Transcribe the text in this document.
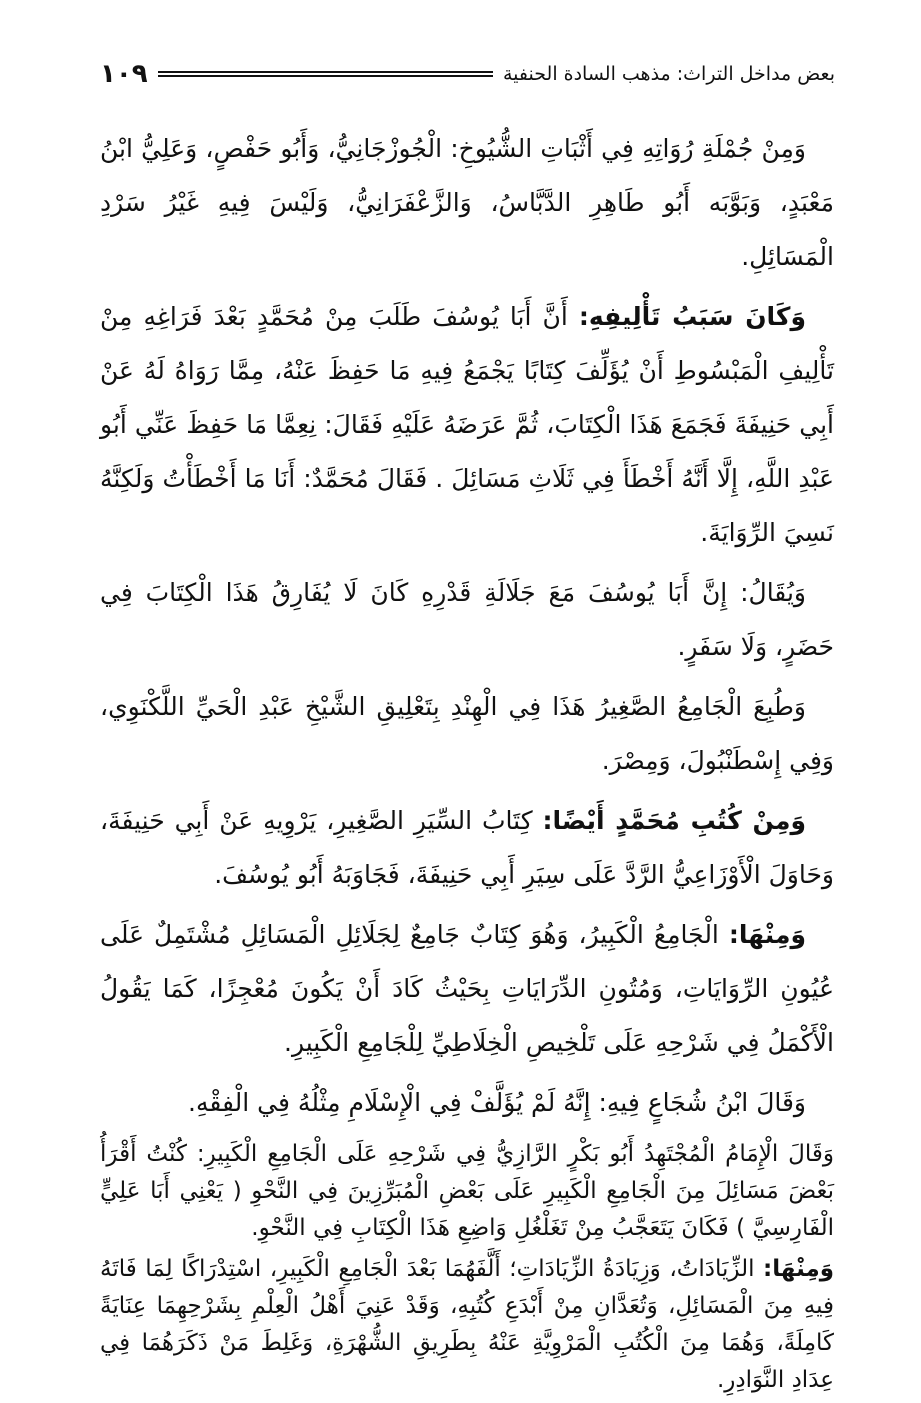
بعض مداخل التراث: مذهب السادة الحنفية
١٠٩

وَمِنْ جُمْلَةِ رُوَاتِهِ فِي أَثْبَاتِ الشُّيُوخِ: الْجُوزْجَانِيُّ، وَأَبُو حَفْصٍ، وَعَلِيُّ ابْنُ مَعْبَدٍ، وَبَوَّبَه أَبُو طَاهِرِ الدَّبَّاسُ، وَالزَّعْفَرَانِيُّ، وَلَيْسَ فِيهِ غَيْرُ سَرْدِ الْمَسَائِلِ.

وَكَانَ سَبَبُ تَأْلِيفِهِ: أَنَّ أَبَا يُوسُفَ طَلَبَ مِنْ مُحَمَّدٍ بَعْدَ فَرَاغِهِ مِنْ تَأْلِيفِ الْمَبْسُوطِ أَنْ يُؤَلِّفَ كِتَابًا يَجْمَعُ فِيهِ مَا حَفِظَ عَنْهُ، مِمَّا رَوَاهُ لَهُ عَنْ أَبِي حَنِيفَةَ فَجَمَعَ هَذَا الْكِتَابَ، ثُمَّ عَرَضَهُ عَلَيْهِ فَقَالَ: نِعِمَّا مَا حَفِظَ عَنِّي أَبُو عَبْدِ اللَّهِ، إِلَّا أَنَّهُ أَخْطَأَ فِي ثَلَاثِ مَسَائِلَ . فَقَالَ مُحَمَّدٌ: أَنَا مَا أَخْطَأْتُ وَلَكِنَّهُ نَسِيَ الرِّوَايَةَ.

وَيُقَالُ: إِنَّ أَبَا يُوسُفَ مَعَ جَلَالَةِ قَدْرِهِ كَانَ لَا يُفَارِقُ هَذَا الْكِتَابَ فِي حَضَرٍ، وَلَا سَفَرٍ.

وَطُبِعَ الْجَامِعُ الصَّغِيرُ هَذَا فِي الْهِنْدِ بِتَعْلِيقِ الشَّيْخِ عَبْدِ الْحَيِّ اللَّكْنَوِي، وَفِي إِسْطَنْبُولَ، وَمِصْرَ.

وَمِنْ كُتُبِ مُحَمَّدٍ أَيْضًا: كِتَابُ السِّيَرِ الصَّغِيرِ، يَرْوِيهِ عَنْ أَبِي حَنِيفَةَ، وَحَاوَلَ الْأَوْزَاعِيُّ الرَّدَّ عَلَى سِيَرِ أَبِي حَنِيفَةَ، فَجَاوَبَهُ أَبُو يُوسُفَ.

وَمِنْهَا: الْجَامِعُ الْكَبِيرُ، وَهُوَ كِتَابٌ جَامِعٌ لِجَلَائِلِ الْمَسَائِلِ مُشْتَمِلٌ عَلَى عُيُونِ الرِّوَايَاتِ، وَمُتُونِ الدِّرَايَاتِ بِحَيْثُ كَادَ أَنْ يَكُونَ مُعْجِزًا، كَمَا يَقُولُ الْأَكْمَلُ فِي شَرْحِهِ عَلَى تَلْخِيصِ الْخِلَاطِيِّ لِلْجَامِعِ الْكَبِيرِ.

وَقَالَ ابْنُ شُجَاعٍ فِيهِ: إِنَّهُ لَمْ يُؤَلَّفْ فِي الْإِسْلَامِ مِثْلُهُ فِي الْفِقْهِ.

وَقَالَ الْإِمَامُ الْمُجْتَهِدُ أَبُو بَكْرٍ الرَّازِيُّ فِي شَرْحِهِ عَلَى الْجَامِعِ الْكَبِيرِ: كُنْتُ أَقْرَأُ بَعْضَ مَسَائِلَ مِنَ الْجَامِعِ الْكَبِيرِ عَلَى بَعْضِ الْمُبَرِّزِينَ فِي النَّحْوِ ( يَعْنِي أَبَا عَلِيٍّ الْفَارِسِيَّ ) فَكَانَ يَتَعَجَّبُ مِنْ تَغَلْغُلِ وَاضِعِ هَذَا الْكِتَابِ فِي النَّحْوِ.

وَمِنْهَا: الزِّيَادَاتُ، وَزِيَادَةُ الزِّيَادَاتِ؛ أَلَّفَهُمَا بَعْدَ الْجَامِعِ الْكَبِيرِ، اسْتِدْرَاكًا لِمَا فَاتَهُ فِيهِ مِنَ الْمَسَائِلِ، وَتُعَدَّانِ مِنْ أَبْدَعِ كُتُبِهِ، وَقَدْ عَنِيَ أَهْلُ الْعِلْمِ بِشَرْحِهِمَا عِنَايَةً كَامِلَةً، وَهُمَا مِنَ الْكُتُبِ الْمَرْوِيَّةِ عَنْهُ بِطَرِيقِ الشُّهْرَةِ، وَغَلِطَ مَنْ ذَكَرَهُمَا فِي عِدَادِ النَّوَادِرِ.
